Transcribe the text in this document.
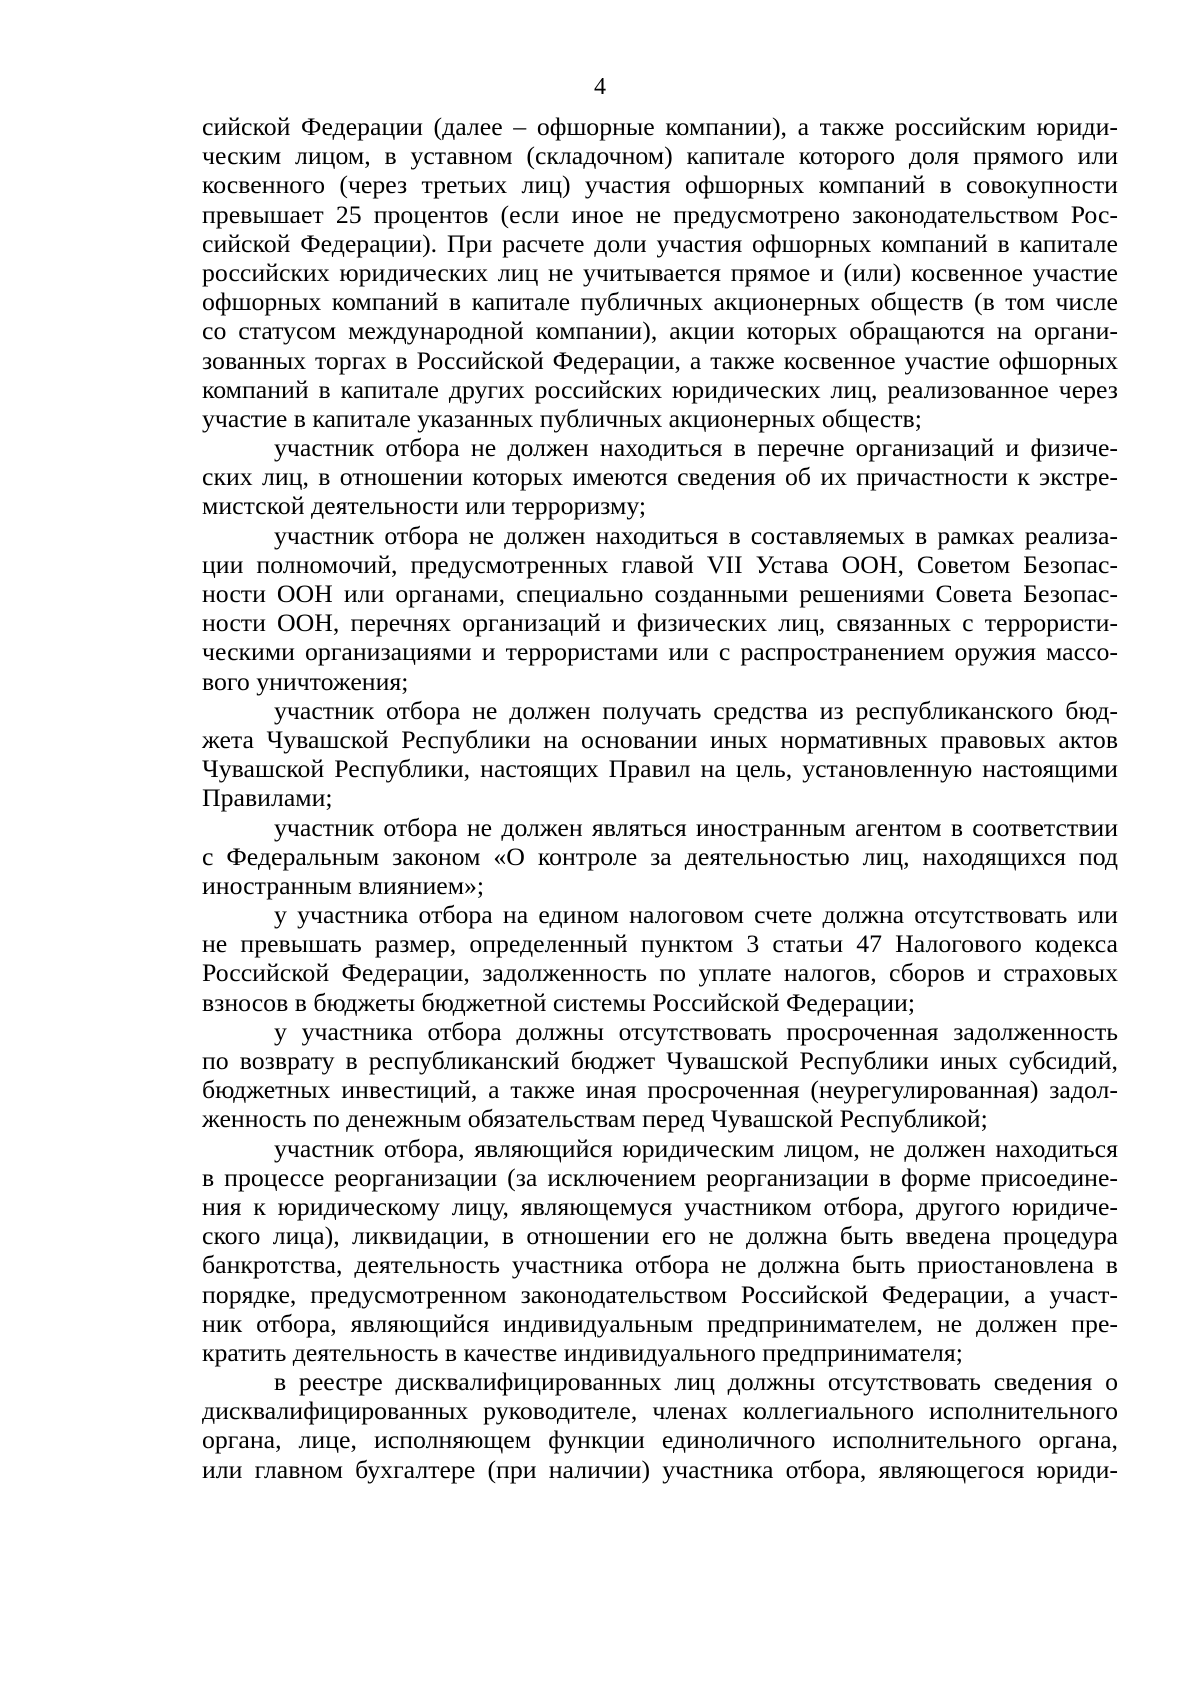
4
сийской Федерации (далее – офшорные компании), а также российским юриди-
ческим лицом, в уставном (складочном) капитале которого доля прямого или
косвенного (через третьих лиц) участия офшорных компаний в совокупности
превышает 25 процентов (если иное не предусмотрено законодательством Рос-
сийской Федерации). При расчете доли участия офшорных компаний в капитале
российских юридических лиц не учитывается прямое и (или) косвенное участие
офшорных компаний в капитале публичных акционерных обществ (в том числе
со статусом международной компании), акции которых обращаются на органи-
зованных торгах в Российской Федерации, а также косвенное участие офшорных
компаний в капитале других российских юридических лиц, реализованное через
участие в капитале указанных публичных акционерных обществ;
участник отбора не должен находиться в перечне организаций и физиче-
ских лиц, в отношении которых имеются сведения об их причастности к экстре-
мистской деятельности или терроризму;
участник отбора не должен находиться в составляемых в рамках реализа-
ции полномочий, предусмотренных главой VII Устава ООН, Советом Безопас-
ности ООН или органами, специально созданными решениями Совета Безопас-
ности ООН, перечнях организаций и физических лиц, связанных с террористи-
ческими организациями и террористами или с распространением оружия массо-
вого уничтожения;
участник отбора не должен получать средства из республиканского бюд-
жета Чувашской Республики на основании иных нормативных правовых актов
Чувашской Республики, настоящих Правил на цель, установленную настоящими
Правилами;
участник отбора не должен являться иностранным агентом в соответствии
с Федеральным законом «О контроле за деятельностью лиц, находящихся под
иностранным влиянием»;
у участника отбора на едином налоговом счете должна отсутствовать или
не превышать размер, определенный пунктом 3 статьи 47 Налогового кодекса
Российской Федерации, задолженность по уплате налогов, сборов и страховых
взносов в бюджеты бюджетной системы Российской Федерации;
у участника отбора должны отсутствовать просроченная задолженность
по возврату в республиканский бюджет Чувашской Республики иных субсидий,
бюджетных инвестиций, а также иная просроченная (неурегулированная) задол-
женность по денежным обязательствам перед Чувашской Республикой;
участник отбора, являющийся юридическим лицом, не должен находиться
в процессе реорганизации (за исключением реорганизации в форме присоедине-
ния к юридическому лицу, являющемуся участником отбора, другого юридиче-
ского лица), ликвидации, в отношении его не должна быть введена процедура
банкротства, деятельность участника отбора не должна быть приостановлена в
порядке, предусмотренном законодательством Российской Федерации, а участ-
ник отбора, являющийся индивидуальным предпринимателем, не должен пре-
кратить деятельность в качестве индивидуального предпринимателя;
в реестре дисквалифицированных лиц должны отсутствовать сведения о
дисквалифицированных руководителе, членах коллегиального исполнительного
органа, лице, исполняющем функции единоличного исполнительного органа,
или главном бухгалтере (при наличии) участника отбора, являющегося юриди-
